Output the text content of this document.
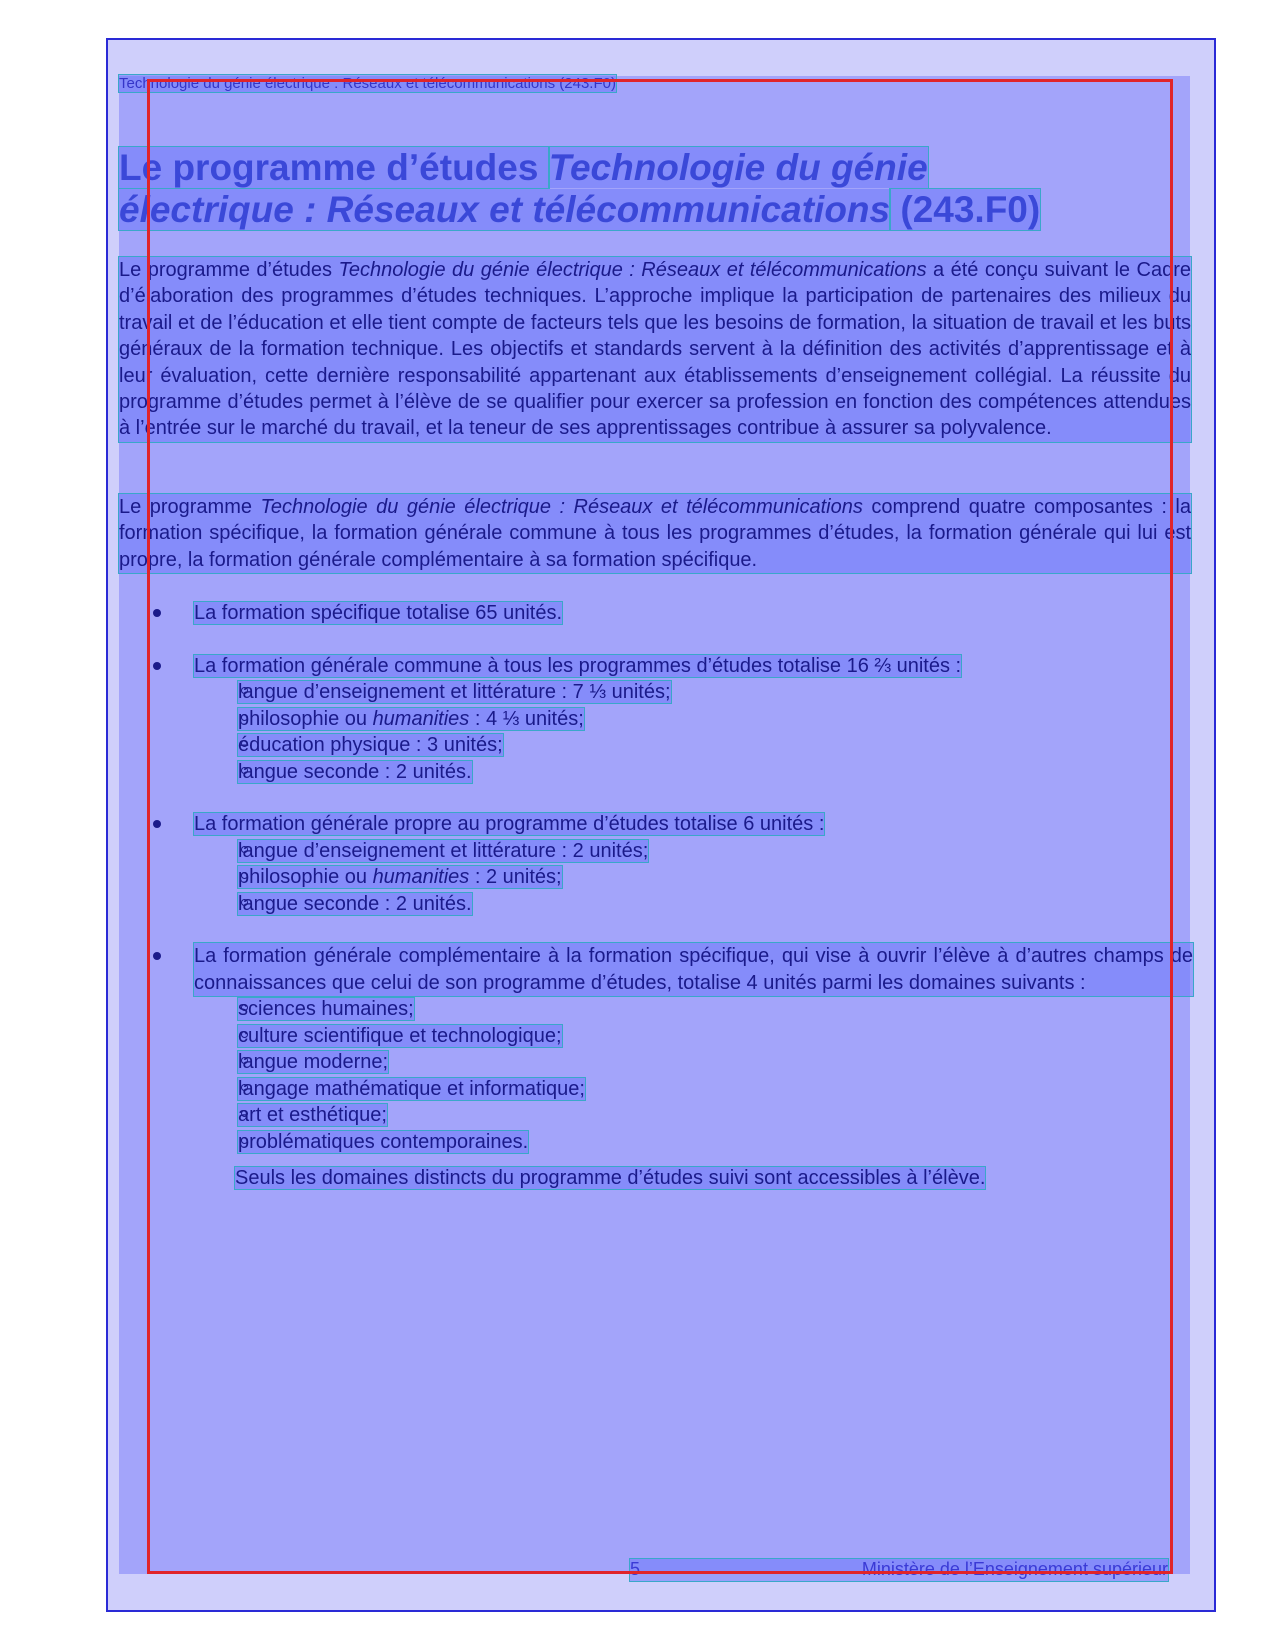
Technologie du génie électrique : Réseaux et télécommunications (243.F0)
Le programme d’études Technologie du génie électrique : Réseaux et télécommunications (243.F0)
Le programme d’études Technologie du génie électrique : Réseaux et télécommunications a été conçu suivant le Cadre d’élaboration des programmes d’études techniques. L’approche implique la participation de partenaires des milieux du travail et de l’éducation et elle tient compte de facteurs tels que les besoins de formation, la situation de travail et les buts généraux de la formation technique. Les objectifs et standards servent à la définition des activités d’apprentissage et à leur évaluation, cette dernière responsabilité appartenant aux établissements d’enseignement collégial. La réussite du programme d’études permet à l’élève de se qualifier pour exercer sa profession en fonction des compétences attendues à l’entrée sur le marché du travail, et la teneur de ses apprentissages contribue à assurer sa polyvalence.
Le programme Technologie du génie électrique : Réseaux et télécommunications comprend quatre composantes : la formation spécifique, la formation générale commune à tous les programmes d’études, la formation générale qui lui est propre, la formation générale complémentaire à sa formation spécifique.
La formation spécifique totalise 65 unités.
La formation générale commune à tous les programmes d’études totalise 16 ⅔ unités :
langue d’enseignement et littérature : 7 ⅓ unités;
philosophie ou humanities : 4 ⅓ unités;
éducation physique : 3 unités;
langue seconde : 2 unités.
La formation générale propre au programme d’études totalise 6 unités :
langue d’enseignement et littérature : 2 unités;
philosophie ou humanities : 2 unités;
langue seconde : 2 unités.
La formation générale complémentaire à la formation spécifique, qui vise à ouvrir l’élève à d’autres champs de connaissances que celui de son programme d’études, totalise 4 unités parmi les domaines suivants :
sciences humaines;
culture scientifique et technologique;
langue moderne;
langage mathématique et informatique;
art et esthétique;
problématiques contemporaines.
Seuls les domaines distincts du programme d’études suivi sont accessibles à l’élève.
5	Ministère de l’Enseignement supérieur
